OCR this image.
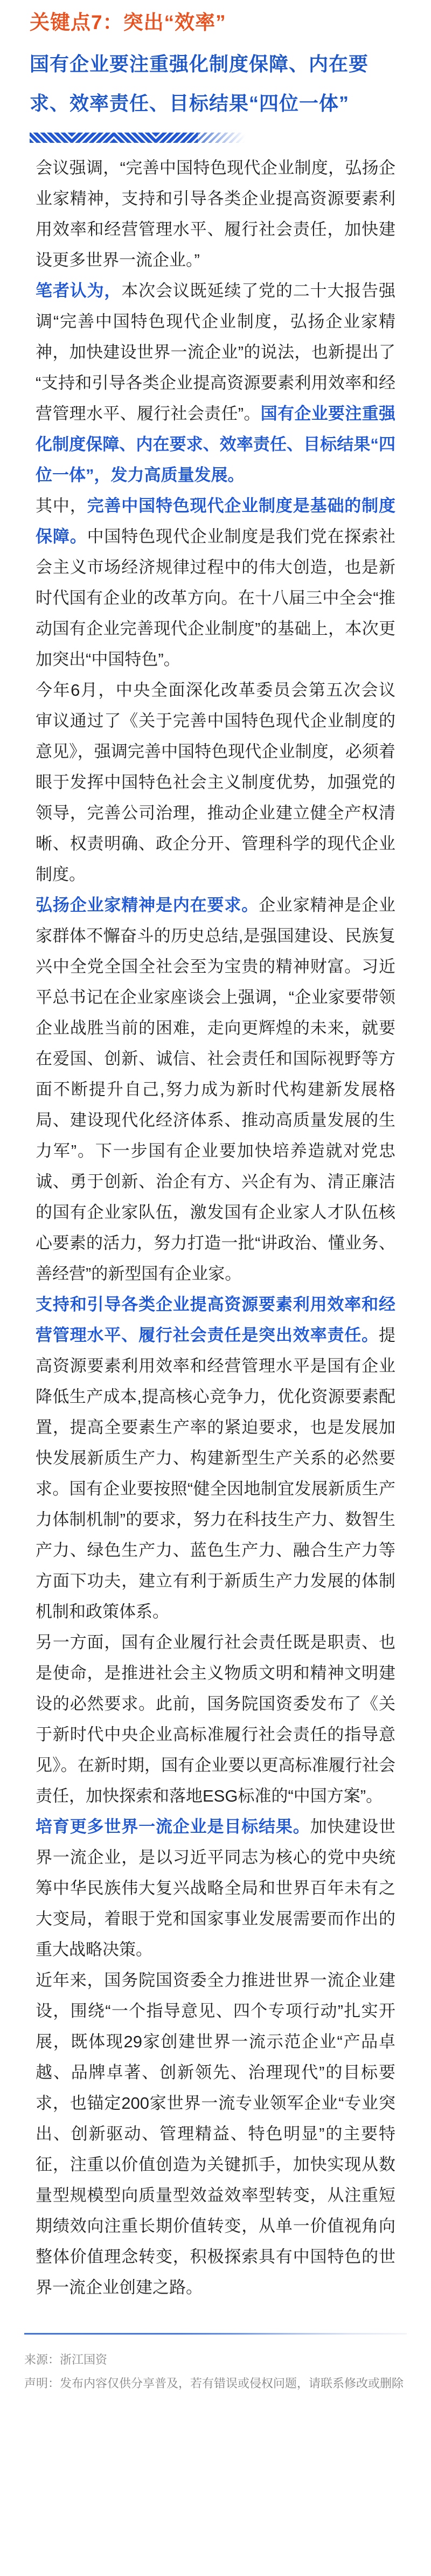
关键点7：突出“效率”
国有企业要注重强化制度保障、内在要求、效率责任、目标结果“四位一体”

会议强调，“完善中国特色现代企业制度，弘扬企业家精神，支持和引导各类企业提高资源要素利用效率和经营管理水平、履行社会责任，加快建设更多世界一流企业。”

笔者认为，本次会议既延续了党的二十大报告强调“完善中国特色现代企业制度，弘扬企业家精神，加快建设世界一流企业”的说法，也新提出了“支持和引导各类企业提高资源要素利用效率和经营管理水平、履行社会责任”。国有企业要注重强化制度保障、内在要求、效率责任、目标结果“四位一体”，发力高质量发展。

其中，完善中国特色现代企业制度是基础的制度保障。中国特色现代企业制度是我们党在探索社会主义市场经济规律过程中的伟大创造，也是新时代国有企业的改革方向。在十八届三中全会“推动国有企业完善现代企业制度”的基础上，本次更加突出“中国特色”。

今年6月，中央全面深化改革委员会第五次会议审议通过了《关于完善中国特色现代企业制度的意见》，强调完善中国特色现代企业制度，必须着眼于发挥中国特色社会主义制度优势，加强党的领导，完善公司治理，推动企业建立健全产权清晰、权责明确、政企分开、管理科学的现代企业制度。

弘扬企业家精神是内在要求。企业家精神是企业家群体不懈奋斗的历史总结,是强国建设、民族复兴中全党全国全社会至为宝贵的精神财富。习近平总书记在企业家座谈会上强调，“企业家要带领企业战胜当前的困难，走向更辉煌的未来，就要在爱国、创新、诚信、社会责任和国际视野等方面不断提升自己,努力成为新时代构建新发展格局、建设现代化经济体系、推动高质量发展的生力军”。下一步国有企业要加快培养造就对党忠诚、勇于创新、治企有方、兴企有为、清正廉洁的国有企业家队伍，激发国有企业家人才队伍核心要素的活力，努力打造一批“讲政治、懂业务、善经营”的新型国有企业家。

支持和引导各类企业提高资源要素利用效率和经营管理水平、履行社会责任是突出效率责任。提高资源要素利用效率和经营管理水平是国有企业降低生产成本,提高核心竞争力，优化资源要素配置，提高全要素生产率的紧迫要求，也是发展加快发展新质生产力、构建新型生产关系的必然要求。国有企业要按照“健全因地制宜发展新质生产力体制机制”的要求，努力在科技生产力、数智生产力、绿色生产力、蓝色生产力、融合生产力等方面下功夫，建立有利于新质生产力发展的体制机制和政策体系。

另一方面，国有企业履行社会责任既是职责、也是使命，是推进社会主义物质文明和精神文明建设的必然要求。此前，国务院国资委发布了《关于新时代中央企业高标准履行社会责任的指导意见》。在新时期，国有企业要以更高标准履行社会责任，加快探索和落地ESG标准的“中国方案”。

培育更多世界一流企业是目标结果。加快建设世界一流企业，是以习近平同志为核心的党中央统筹中华民族伟大复兴战略全局和世界百年未有之大变局，着眼于党和国家事业发展需要而作出的重大战略决策。

近年来，国务院国资委全力推进世界一流企业建设，围绕“一个指导意见、四个专项行动”扎实开展，既体现29家创建世界一流示范企业“产品卓越、品牌卓著、创新领先、治理现代”的目标要求，也锚定200家世界一流专业领军企业“专业突出、创新驱动、管理精益、特色明显”的主要特征，注重以价值创造为关键抓手，加快实现从数量型规模型向质量型效益效率型转变，从注重短期绩效向注重长期价值转变，从单一价值视角向整体价值理念转变，积极探索具有中国特色的世界一流企业创建之路。

来源：浙江国资
声明：发布内容仅供分享普及，若有错误或侵权问题，请联系修改或删除
